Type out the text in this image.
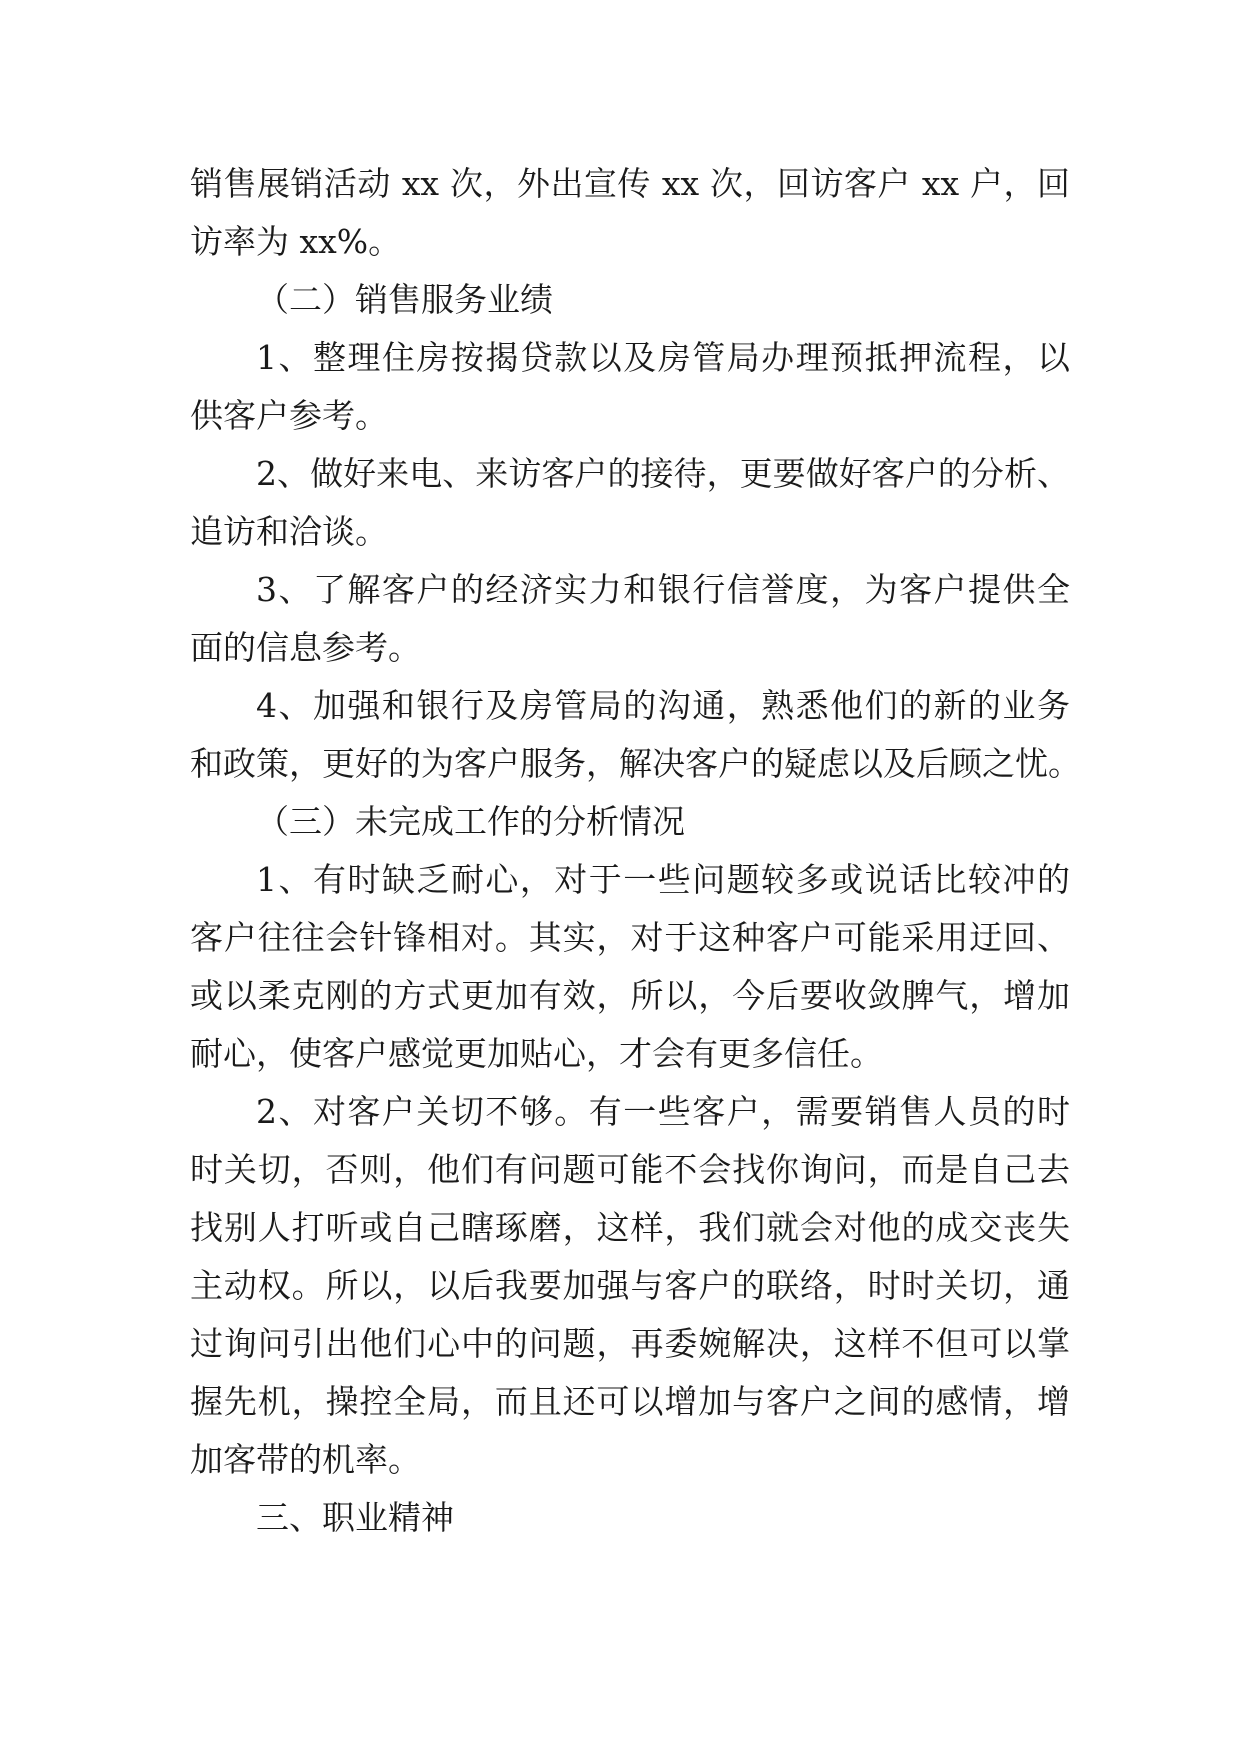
销售展销活动 xx 次，外出宣传 xx 次，回访客户 xx 户，回
访率为 xx%。
（二）销售服务业绩
1、整理住房按揭贷款以及房管局办理预抵押流程，以
供客户参考。
2、做好来电、来访客户的接待，更要做好客户的分析、
追访和洽谈。
3、了解客户的经济实力和银行信誉度，为客户提供全
面的信息参考。
4、加强和银行及房管局的沟通，熟悉他们的新的业务
和政策，更好的为客户服务，解决客户的疑虑以及后顾之忧。
（三）未完成工作的分析情况
1、有时缺乏耐心，对于一些问题较多或说话比较冲的
客户往往会针锋相对。其实，对于这种客户可能采用迂回、
或以柔克刚的方式更加有效，所以，今后要收敛脾气，增加
耐心，使客户感觉更加贴心，才会有更多信任。
2、对客户关切不够。有一些客户，需要销售人员的时
时关切，否则，他们有问题可能不会找你询问，而是自己去
找别人打听或自己瞎琢磨，这样，我们就会对他的成交丧失
主动权。所以，以后我要加强与客户的联络，时时关切，通
过询问引出他们心中的问题，再委婉解决，这样不但可以掌
握先机，操控全局，而且还可以增加与客户之间的感情，增
加客带的机率。
三、职业精神
